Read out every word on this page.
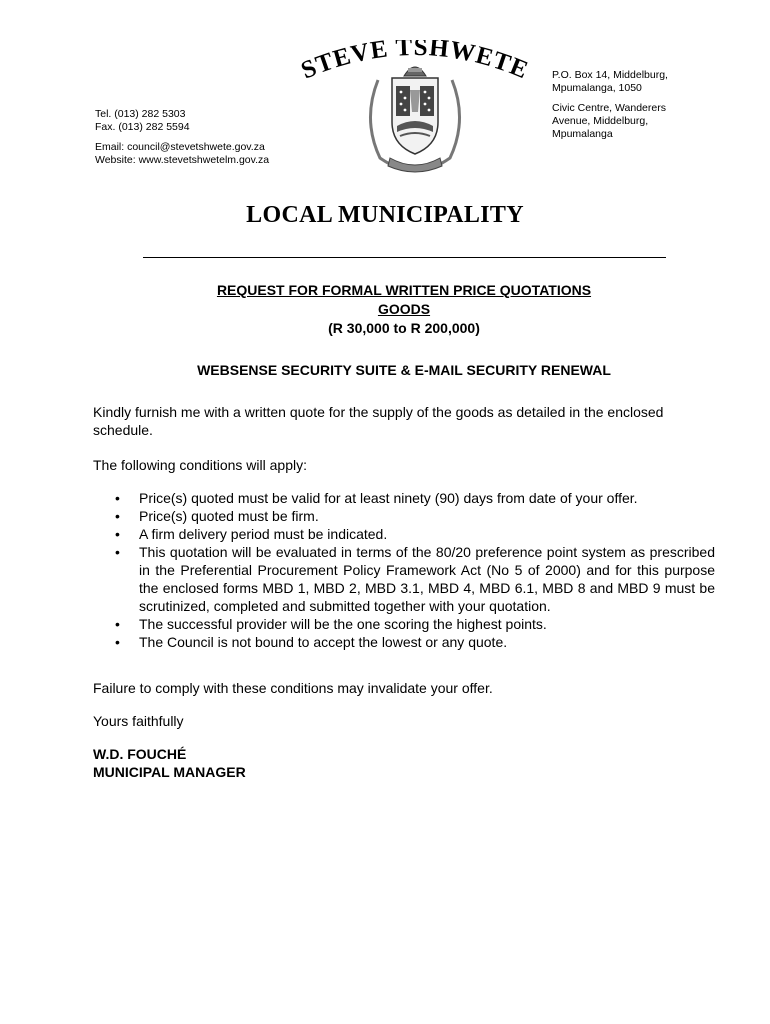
Tel. (013) 282 5303
Fax. (013) 282 5594
Email: council@stevetshwete.gov.za
Website: www.stevetshwetelm.gov.za
TEVE TSHWETE P.O. Box 14, Middelburg,
Mpumalanga, 1050
Civic Centre, Wanderers
Avenue, Middelburg,
Mpumalanga
LOCAL MUNICIPALITY
REQUEST FOR FORMAL WRITTEN PRICE QUOTATIONS
GOODS
(R 30,000 to R 200,000)
WEBSENSE SECURITY SUITE & E-MAIL SECURITY RENEWAL
Kindly furnish me with a written quote for the supply of the goods as detailed in the enclosed schedule.
The following conditions will apply:
• Price(s) quoted must be valid for at least ninety (90) days from date of your offer.
• Price(s) quoted must be firm.
• A firm delivery period must be indicated.
• This quotation will be evaluated in terms of the 80/20 preference point system as prescribed in the Preferential Procurement Policy Framework Act (No 5 of 2000) and for this purpose the enclosed forms MBD 1, MBD 2, MBD 3.1, MBD 4, MBD 6.1, MBD 8 and MBD 9 must be scrutinized, completed and submitted together with your quotation.
• The successful provider will be the one scoring the highest points.
• The Council is not bound to accept the lowest or any quote.
Failure to comply with these conditions may invalidate your offer.
Yours faithfully
W.D. FOUCHÉ
MUNICIPAL MANAGER
